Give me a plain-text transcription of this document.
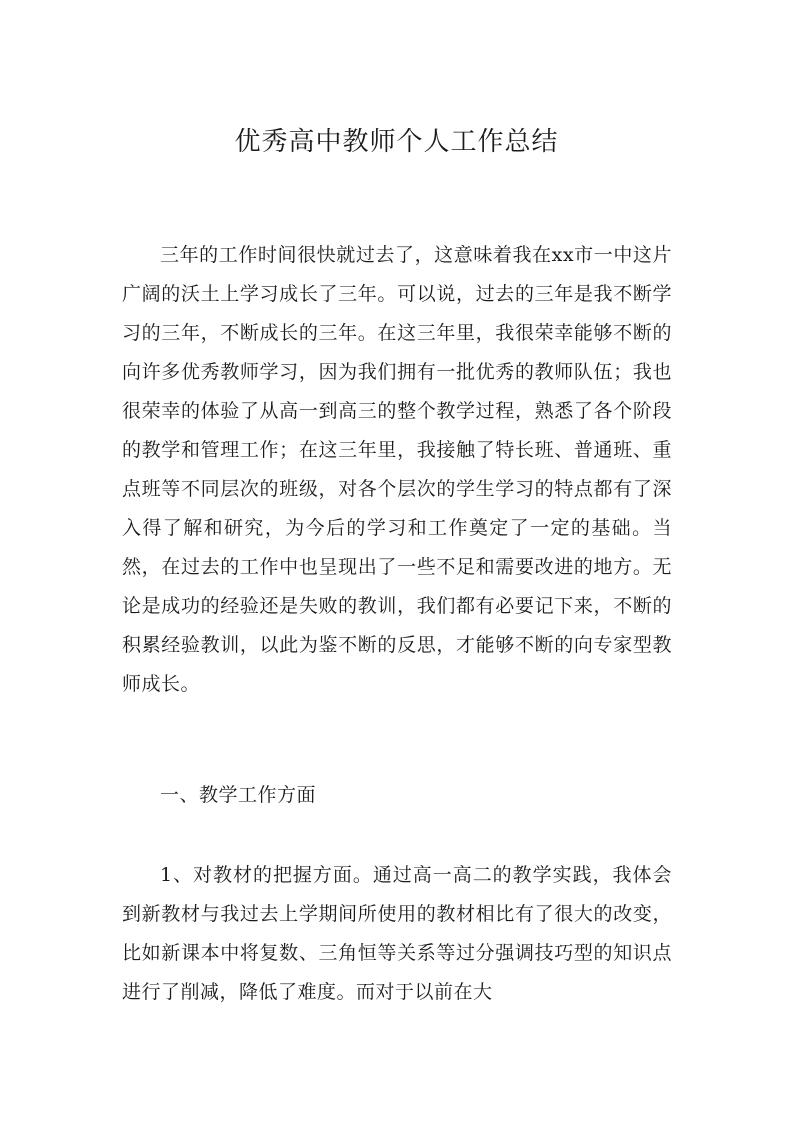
优秀高中教师个人工作总结

三年的工作时间很快就过去了，这意味着我在xx市一中这片广阔的沃土上学习成长了三年。可以说，过去的三年是我不断学习的三年，不断成长的三年。在这三年里，我很荣幸能够不断的向许多优秀教师学习，因为我们拥有一批优秀的教师队伍；我也很荣幸的体验了从高一到高三的整个教学过程，熟悉了各个阶段的教学和管理工作；在这三年里，我接触了特长班、普通班、重点班等不同层次的班级，对各个层次的学生学习的特点都有了深入得了解和研究，为今后的学习和工作奠定了一定的基础。当然，在过去的工作中也呈现出了一些不足和需要改进的地方。无论是成功的经验还是失败的教训，我们都有必要记下来，不断的积累经验教训，以此为鉴不断的反思，才能够不断的向专家型教师成长。

一、教学工作方面

1、对教材的把握方面。通过高一高二的教学实践，我体会到新教材与我过去上学期间所使用的教材相比有了很大的改变，比如新课本中将复数、三角恒等关系等过分强调技巧型的知识点进行了削减，降低了难度。而对于以前在大
